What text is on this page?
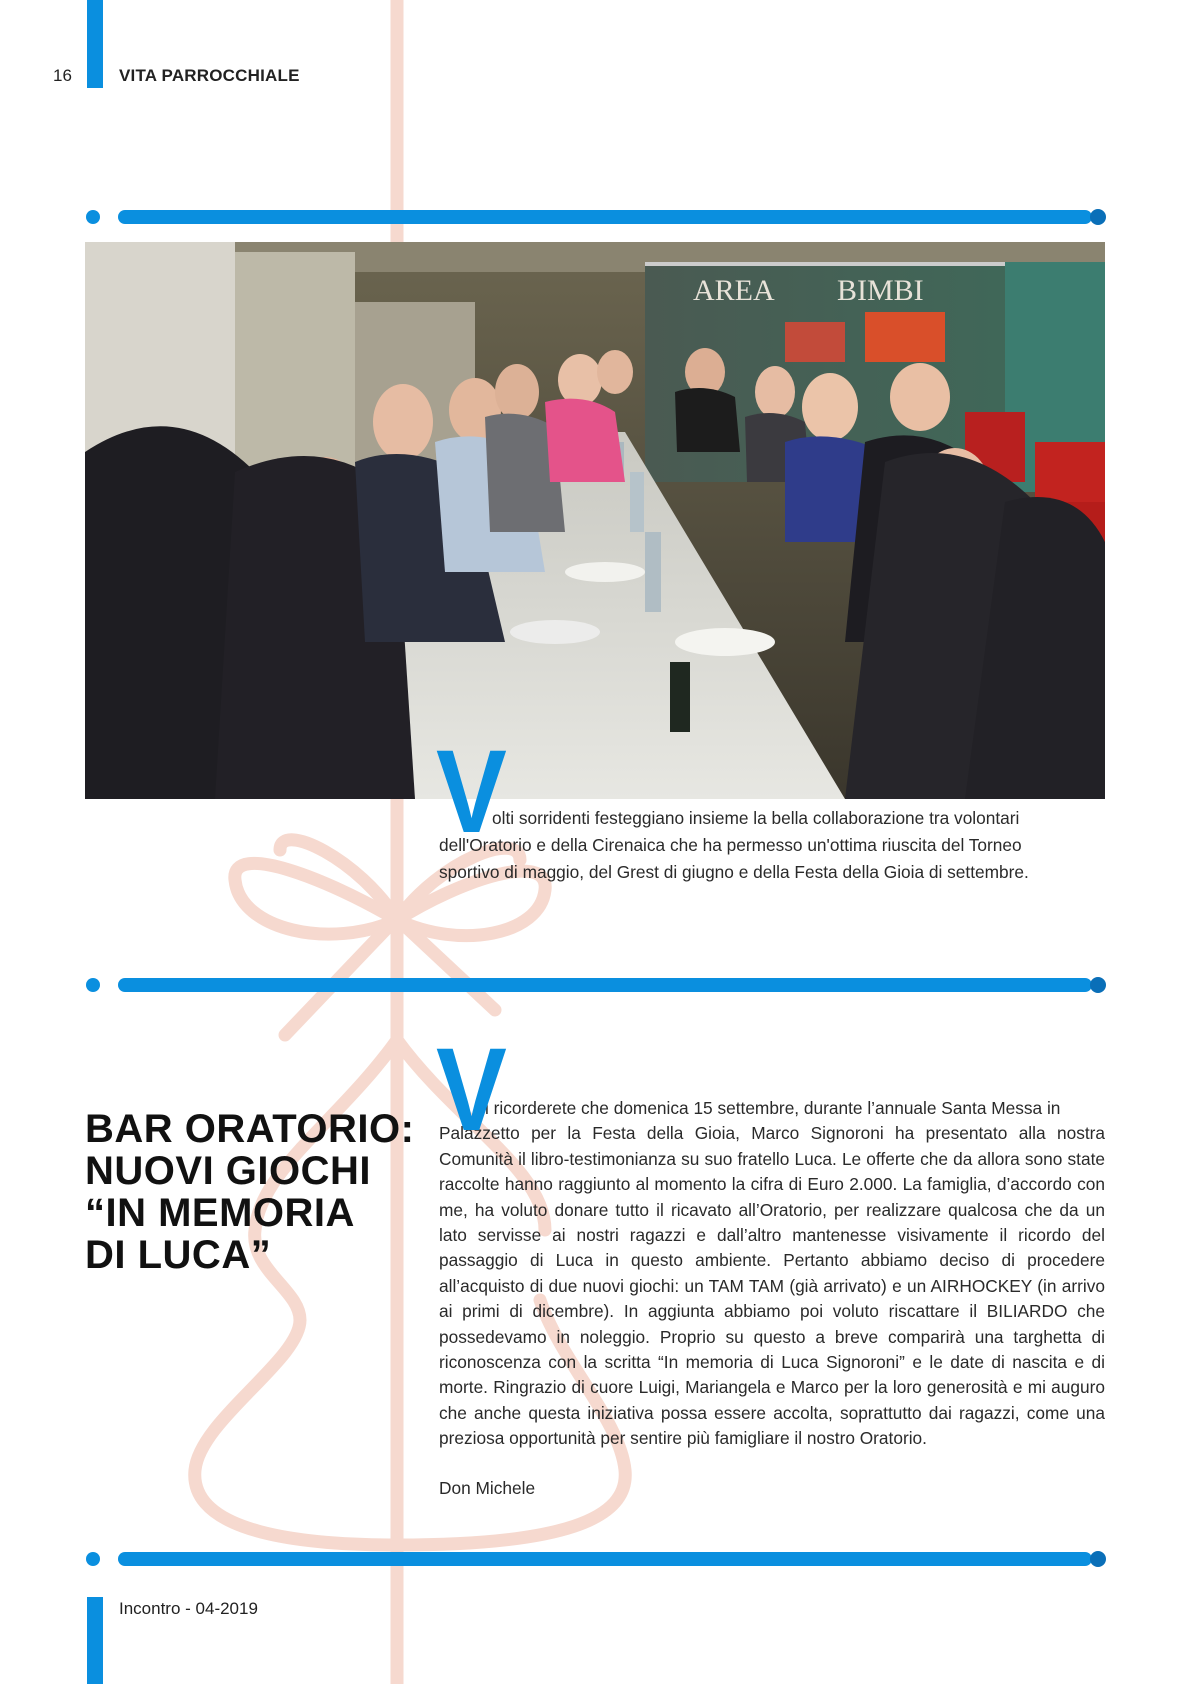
16	VITA PARROCCHIALE
AREA BIMBI
V
olti sorridenti festeggiano insieme la bella collaborazione tra volontari dell'Oratorio e della Cirenaica che ha permesso un'ottima riuscita del Torneo sportivo di maggio, del Grest di giugno e della Festa della Gioia di settembre.
BAR ORATORIO:
NUOVI GIOCHI
“IN MEMORIA
DI LUCA”
V
i ricorderete che domenica 15 settembre, durante l’annuale Santa Messa in
Palazzetto per la Festa della Gioia, Marco Signoroni ha presentato alla nostra Comunità il libro-testimonianza su suo fratello Luca. Le offerte che da allora sono state raccolte hanno raggiunto al momento la cifra di Euro 2.000. La famiglia, d’accordo con me, ha voluto donare tutto il ricavato all’Oratorio, per realizzare qualcosa che da un lato servisse ai nostri ragazzi e dall’altro mantenesse visivamente il ricordo del passaggio di Luca in questo ambiente. Pertanto abbiamo deciso di procedere all’acquisto di due nuovi giochi: un TAM TAM (già arrivato) e un AIRHOCKEY (in arrivo ai primi di dicembre). In aggiunta abbiamo poi voluto riscattare il BILIARDO che possedevamo in noleggio. Proprio su questo a breve comparirà una targhetta di riconoscenza con la scritta “In memoria di Luca Signoroni” e le date di nascita e di morte. Ringrazio di cuore Luigi, Mariangela e Marco per la loro generosità e mi auguro che anche questa iniziativa possa essere accolta, soprattutto dai ragazzi, come una preziosa opportunità per sentire più famigliare il nostro Oratorio.
Don Michele
Incontro - 04-2019
